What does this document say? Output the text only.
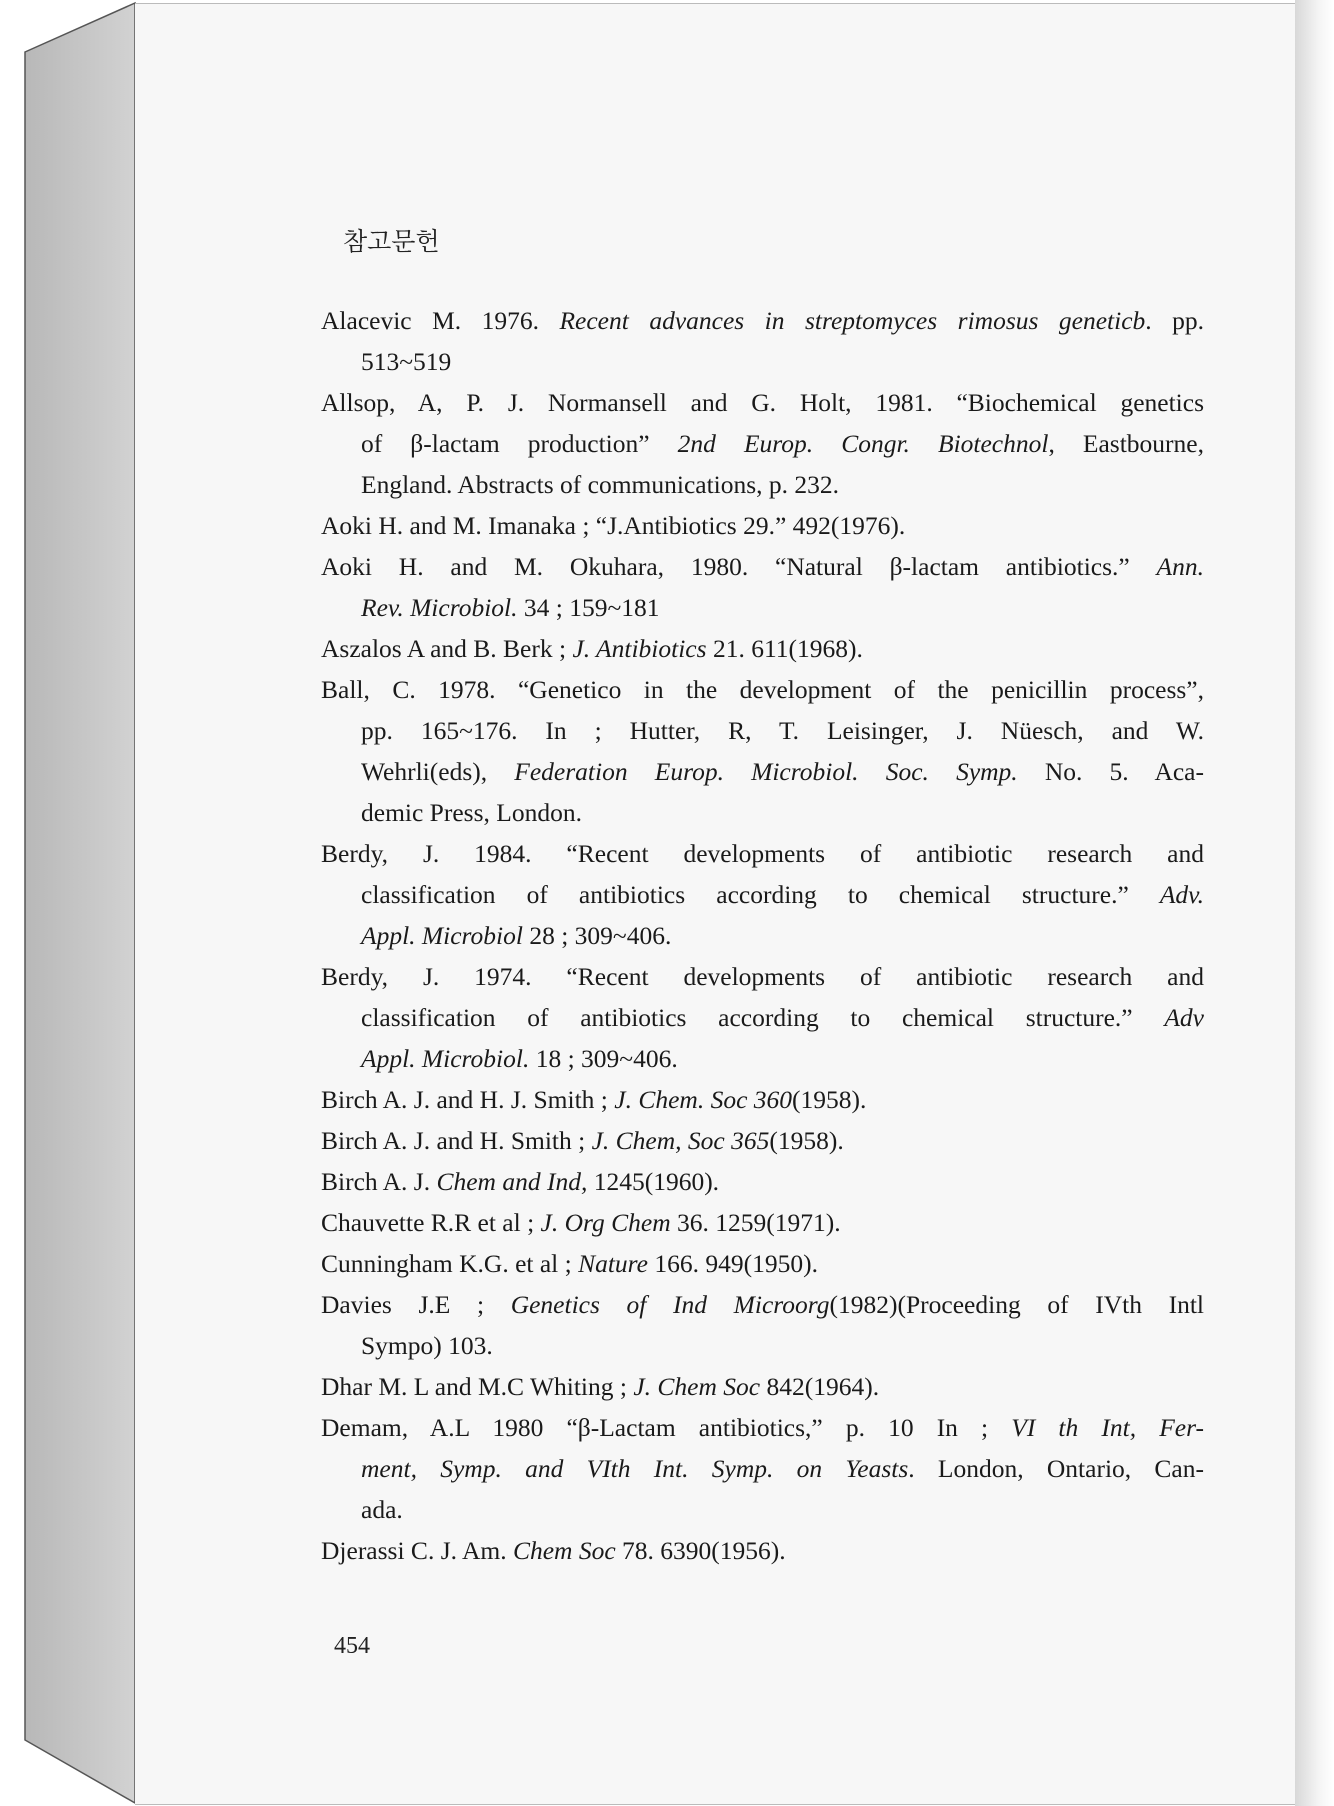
참고문헌
Alacevic M. 1976. Recent advances in streptomyces rimosus geneticb. pp.
513~519
Allsop, A, P. J. Normansell and G. Holt, 1981. “Biochemical genetics
of β-lactam production” 2nd Europ. Congr. Biotechnol, Eastbourne,
England. Abstracts of communications, p. 232.
Aoki H. and M. Imanaka ; “J.Antibiotics 29.” 492(1976).
Aoki H. and M. Okuhara, 1980. “Natural β-lactam antibiotics.” Ann.
Rev. Microbiol. 34 ; 159~181
Aszalos A and B. Berk ; J. Antibiotics 21. 611(1968).
Ball, C. 1978. “Genetico in the development of the penicillin process”,
pp. 165~176. In ; Hutter, R, T. Leisinger, J. Nüesch, and W.
Wehrli(eds), Federation Europ. Microbiol. Soc. Symp. No. 5. Aca-
demic Press, London.
Berdy, J. 1984. “Recent developments of antibiotic research and
classification of antibiotics according to chemical structure.” Adv.
Appl. Microbiol 28 ; 309~406.
Berdy, J. 1974. “Recent developments of antibiotic research and
classification of antibiotics according to chemical structure.” Adv
Appl. Microbiol. 18 ; 309~406.
Birch A. J. and H. J. Smith ; J. Chem. Soc 360(1958).
Birch A. J. and H. Smith ; J. Chem, Soc 365(1958).
Birch A. J. Chem and Ind, 1245(1960).
Chauvette R.R et al ; J. Org Chem 36. 1259(1971).
Cunningham K.G. et al ; Nature 166. 949(1950).
Davies J.E ; Genetics of Ind Microorg(1982)(Proceeding of IVth Intl
Sympo) 103.
Dhar M. L and M.C Whiting ; J. Chem Soc 842(1964).
Demam, A.L 1980 “β-Lactam antibiotics,” p. 10 In ; VI th Int, Fer-
ment, Symp. and VIth Int. Symp. on Yeasts. London, Ontario, Can-
ada.
Djerassi C. J. Am. Chem Soc 78. 6390(1956).
454
